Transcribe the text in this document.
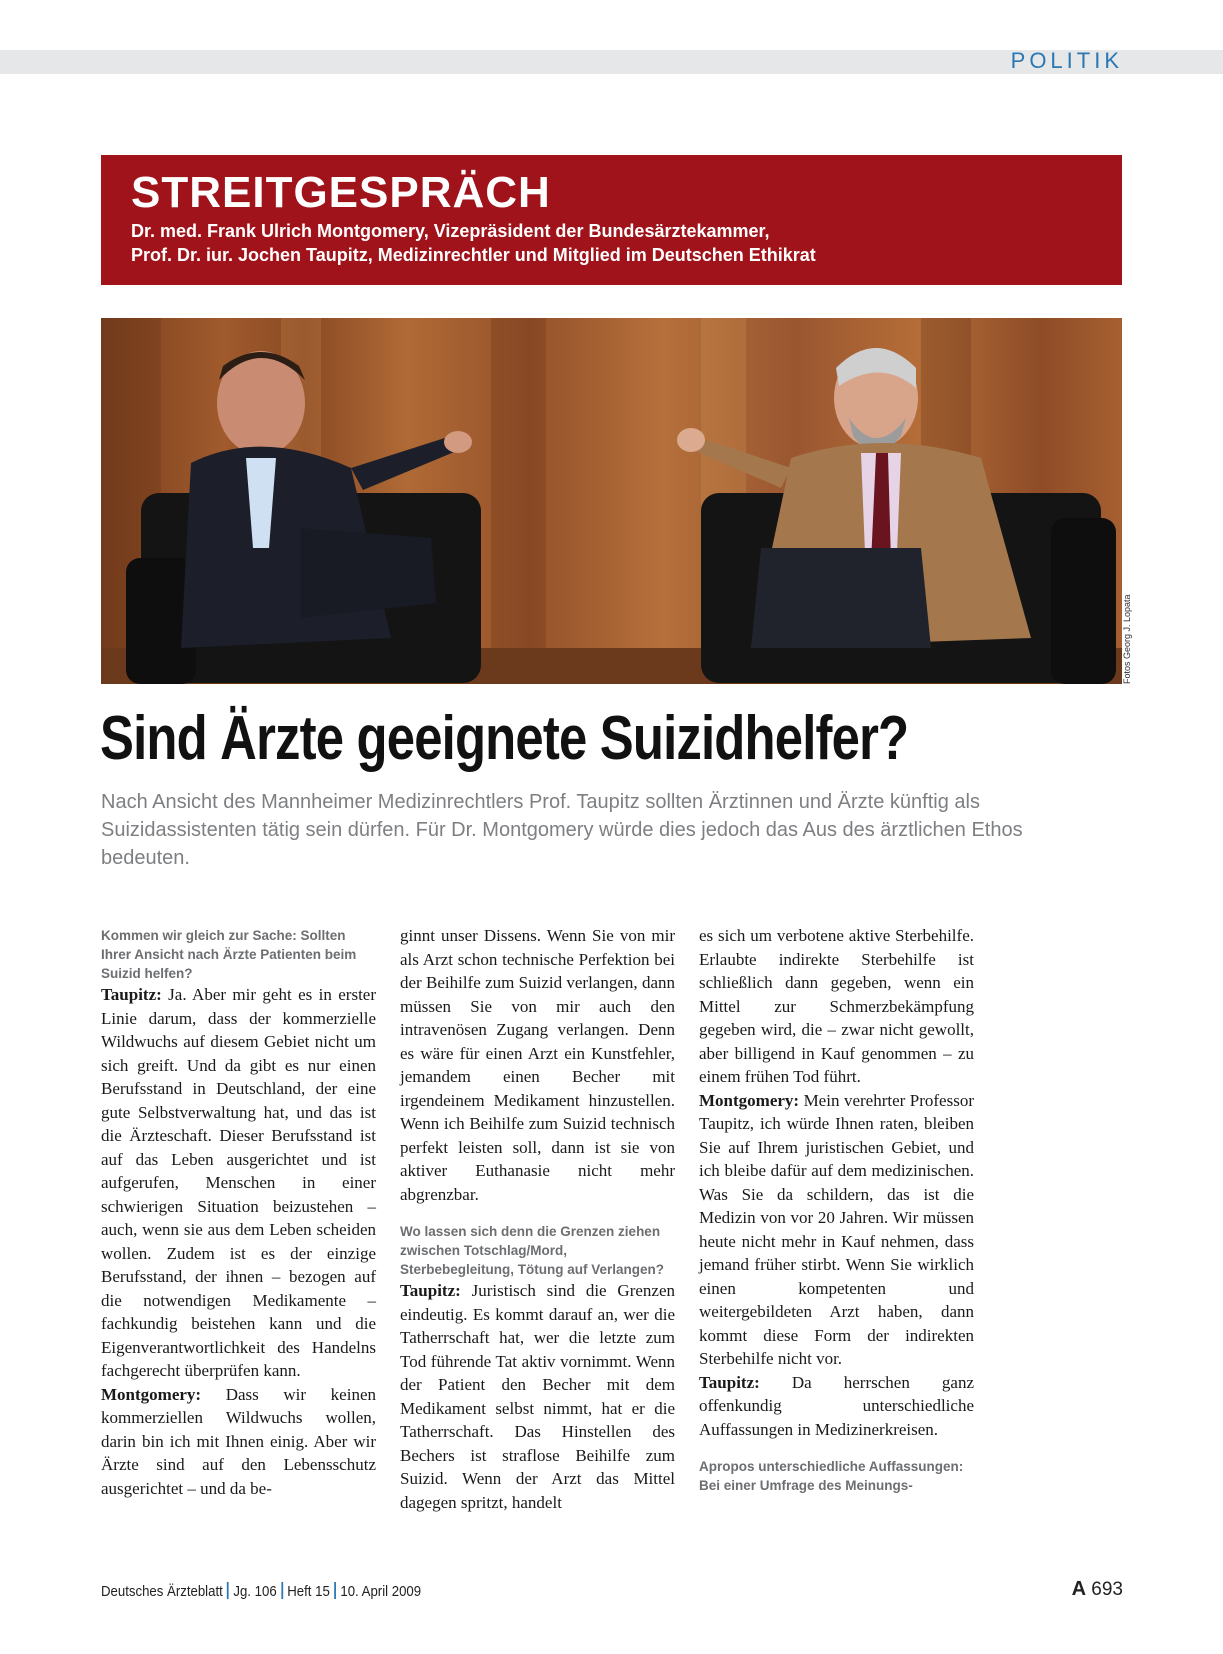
POLITIK
STREITGESPRÄCH
Dr. med. Frank Ulrich Montgomery, Vizepräsident der Bundesärztekammer,
Prof. Dr. iur. Jochen Taupitz, Medizinrechtler und Mitglied im Deutschen Ethikrat
Fotos Georg J. Lopata
Sind Ärzte geeignete Suizidhelfer?
Nach Ansicht des Mannheimer Medizinrechtlers Prof. Taupitz sollten Ärztinnen und Ärzte künftig als Suizidassistenten tätig sein dürfen. Für Dr. Montgomery würde dies jedoch das Aus des ärztlichen Ethos bedeuten.

Kommen wir gleich zur Sache: Sollten Ihrer Ansicht nach Ärzte Patienten beim Suizid helfen?

Taupitz: Ja. Aber mir geht es in erster Linie darum, dass der kommerzielle Wildwuchs auf diesem Gebiet nicht um sich greift. Und da gibt es nur einen Berufsstand in Deutschland, der eine gute Selbstverwaltung hat, und das ist die Ärzteschaft. Dieser Berufsstand ist auf das Leben ausgerichtet und ist aufgerufen, Menschen in einer schwierigen Situation beizustehen – auch, wenn sie aus dem Leben scheiden wollen. Zudem ist es der einzige Berufsstand, der ihnen – bezogen auf die notwendigen Medikamente – fachkundig beistehen kann und die Eigenverantwortlichkeit des Handelns fachgerecht überprüfen kann.

Montgomery: Dass wir keinen kommerziellen Wildwuchs wollen, darin bin ich mit Ihnen einig. Aber wir Ärzte sind auf den Lebensschutz ausgerichtet – und da be-

ginnt unser Dissens. Wenn Sie von mir als Arzt schon technische Perfektion bei der Beihilfe zum Suizid verlangen, dann müssen Sie von mir auch den intravenösen Zugang verlangen. Denn es wäre für einen Arzt ein Kunstfehler, jemandem einen Becher mit irgendeinem Medikament hinzustellen. Wenn ich Beihilfe zum Suizid technisch perfekt leisten soll, dann ist sie von aktiver Euthanasie nicht mehr abgrenzbar.

Wo lassen sich denn die Grenzen ziehen zwischen Totschlag/Mord, Sterbebegleitung, Tötung auf Verlangen?

Taupitz: Juristisch sind die Grenzen eindeutig. Es kommt darauf an, wer die Tatherrschaft hat, wer die letzte zum Tod führende Tat aktiv vornimmt. Wenn der Patient den Becher mit dem Medikament selbst nimmt, hat er die Tatherrschaft. Das Hinstellen des Bechers ist straflose Beihilfe zum Suizid. Wenn der Arzt das Mittel dagegen spritzt, handelt

es sich um verbotene aktive Sterbehilfe. Erlaubte indirekte Sterbehilfe ist schließlich dann gegeben, wenn ein Mittel zur Schmerzbekämpfung gegeben wird, die – zwar nicht gewollt, aber billigend in Kauf genommen – zu einem frühen Tod führt.

Montgomery: Mein verehrter Professor Taupitz, ich würde Ihnen raten, bleiben Sie auf Ihrem juristischen Gebiet, und ich bleibe dafür auf dem medizinischen. Was Sie da schildern, das ist die Medizin von vor 20 Jahren. Wir müssen heute nicht mehr in Kauf nehmen, dass jemand früher stirbt. Wenn Sie wirklich einen kompetenten und weitergebildeten Arzt haben, dann kommt diese Form der indirekten Sterbehilfe nicht vor.

Taupitz: Da herrschen ganz offenkundig unterschiedliche Auffassungen in Medizinerkreisen.

Apropos unterschiedliche Auffassungen: Bei einer Umfrage des Meinungs-

Deutsches Ärzteblatt Jg. 106 Heft 15 10. April 2009	A 693
